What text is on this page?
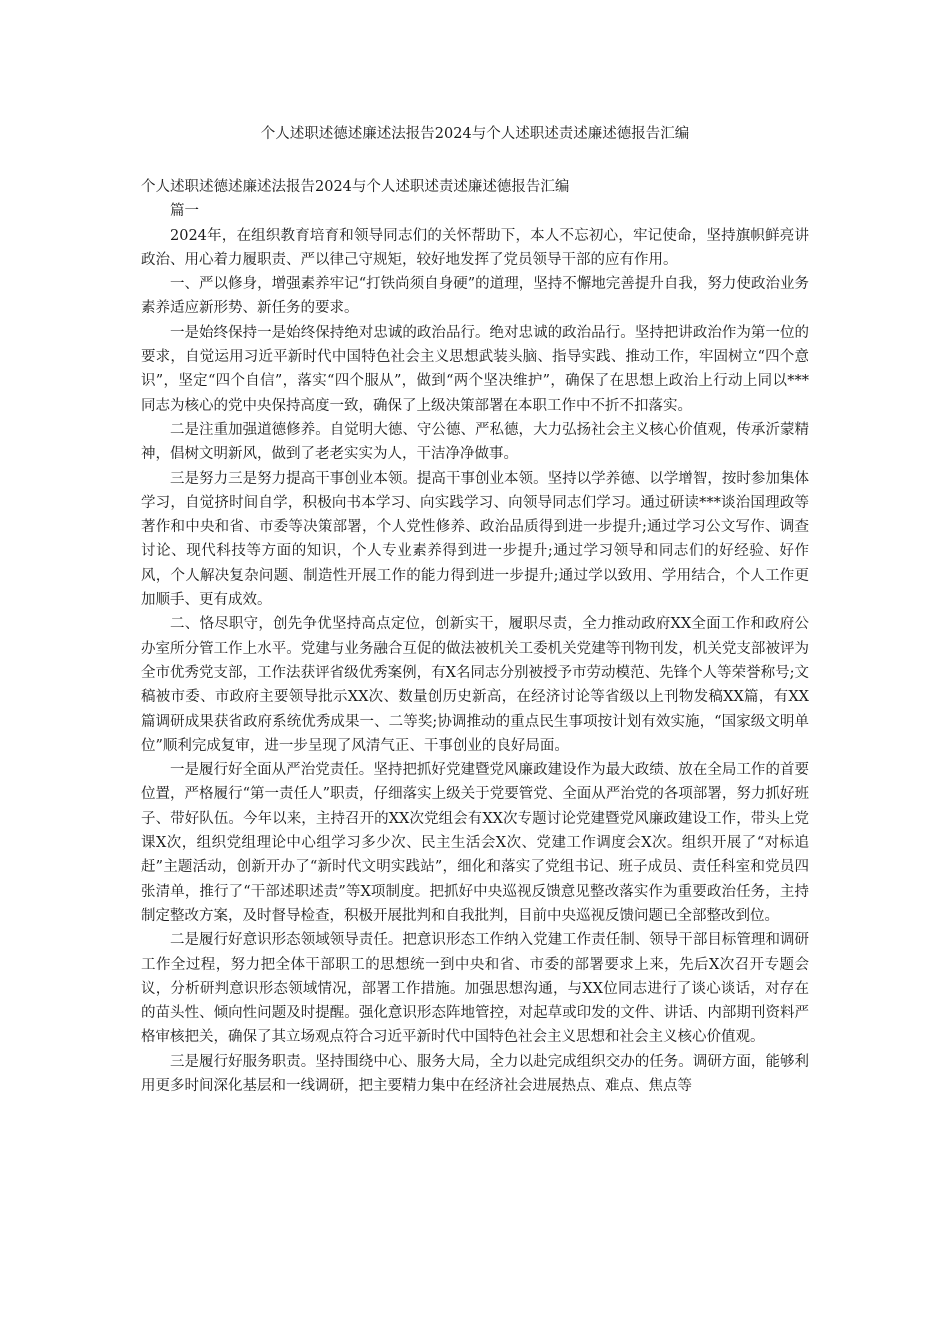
个人述职述德述廉述法报告2024与个人述职述责述廉述德报告汇编

个人述职述德述廉述法报告2024与个人述职述责述廉述德报告汇编

篇一

2024年，在组织教育培育和领导同志们的关怀帮助下，本人不忘初心，牢记使命，坚持旗帜鲜亮讲政治、用心着力履职责、严以律己守规矩，较好地发挥了党员领导干部的应有作用。

一、严以修身，增强素养牢记“打铁尚须自身硬”的道理，坚持不懈地完善提升自我，努力使政治业务素养适应新形势、新任务的要求。

一是始终保持一是始终保持绝对忠诚的政治品行。绝对忠诚的政治品行。坚持把讲政治作为第一位的要求，自觉运用习近平新时代中国特色社会主义思想武装头脑、指导实践、推动工作，牢固树立“四个意识”，坚定“四个自信”，落实“四个服从”，做到“两个坚决维护”，确保了在思想上政治上行动上同以***同志为核心的党中央保持高度一致，确保了上级决策部署在本职工作中不折不扣落实。

二是注重加强道德修养。自觉明大德、守公德、严私德，大力弘扬社会主义核心价值观，传承沂蒙精神，倡树文明新风，做到了老老实实为人，干洁净净做事。

三是努力三是努力提高干事创业本领。提高干事创业本领。坚持以学养德、以学增智，按时参加集体学习，自觉挤时间自学，积极向书本学习、向实践学习、向领导同志们学习。通过研读***谈治国理政等著作和中央和省、市委等决策部署，个人党性修养、政治品质得到进一步提升;通过学习公文写作、调查讨论、现代科技等方面的知识，个人专业素养得到进一步提升;通过学习领导和同志们的好经验、好作风，个人解决复杂问题、制造性开展工作的能力得到进一步提升;通过学以致用、学用结合，个人工作更加顺手、更有成效。

二、恪尽职守，创先争优坚持高点定位，创新实干，履职尽责，全力推动政府XX全面工作和政府公办室所分管工作上水平。党建与业务融合互促的做法被机关工委机关党建等刊物刊发，机关党支部被评为全市优秀党支部，工作法获评省级优秀案例，有X名同志分别被授予市劳动模范、先锋个人等荣誉称号;文稿被市委、市政府主要领导批示XX次、数量创历史新高，在经济讨论等省级以上刊物发稿XX篇，有XX篇调研成果获省政府系统优秀成果一、二等奖;协调推动的重点民生事项按计划有效实施，“国家级文明单位”顺利完成复审，进一步呈现了风清气正、干事创业的良好局面。

一是履行好全面从严治党责任。坚持把抓好党建暨党风廉政建设作为最大政绩、放在全局工作的首要位置，严格履行“第一责任人”职责，仔细落实上级关于党要管党、全面从严治党的各项部署，努力抓好班子、带好队伍。今年以来，主持召开的XX次党组会有XX次专题讨论党建暨党风廉政建设工作，带头上党课X次，组织党组理论中心组学习多少次、民主生活会X次、党建工作调度会X次。组织开展了“对标追赶”主题活动，创新开办了“新时代文明实践站”，细化和落实了党组书记、班子成员、责任科室和党员四张清单，推行了“干部述职述责”等X项制度。把抓好中央巡视反馈意见整改落实作为重要政治任务，主持制定整改方案，及时督导检查，积极开展批判和自我批判，目前中央巡视反馈问题已全部整改到位。

二是履行好意识形态领域领导责任。把意识形态工作纳入党建工作责任制、领导干部目标管理和调研工作全过程，努力把全体干部职工的思想统一到中央和省、市委的部署要求上来，先后X次召开专题会议，分析研判意识形态领域情况，部署工作措施。加强思想沟通，与XX位同志进行了谈心谈话，对存在的苗头性、倾向性问题及时提醒。强化意识形态阵地管控，对起草或印发的文件、讲话、内部期刊资料严格审核把关，确保了其立场观点符合习近平新时代中国特色社会主义思想和社会主义核心价值观。

三是履行好服务职责。坚持围绕中心、服务大局，全力以赴完成组织交办的任务。调研方面，能够利用更多时间深化基层和一线调研，把主要精力集中在经济社会进展热点、难点、焦点等
